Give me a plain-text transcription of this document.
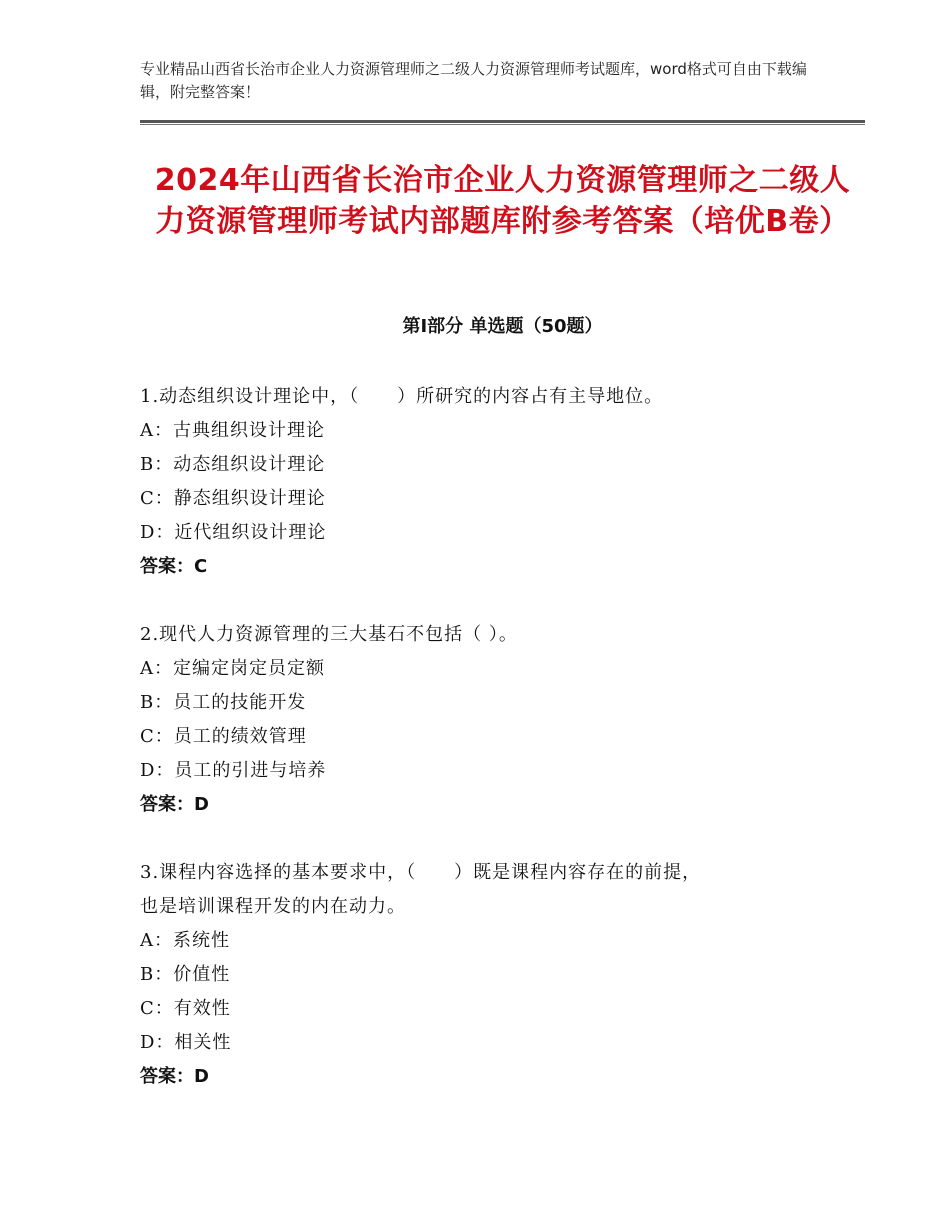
专业精品山西省长治市企业人力资源管理师之二级人力资源管理师考试题库，word格式可自由下载编辑，附完整答案！
2024年山西省长治市企业人力资源管理师之二级人力资源管理师考试内部题库附参考答案（培优B卷）
第Ⅰ部分 单选题（50题）
1.动态组织设计理论中，（　　）所研究的内容占有主导地位。
A：古典组织设计理论
B：动态组织设计理论
C：静态组织设计理论
D：近代组织设计理论
答案：C
2.现代人力资源管理的三大基石不包括（ ）。
A：定编定岗定员定额
B：员工的技能开发
C：员工的绩效管理
D：员工的引进与培养
答案：D
3.课程内容选择的基本要求中，（　　）既是课程内容存在的前提，
也是培训课程开发的内在动力。
A：系统性
B：价值性
C：有效性
D：相关性
答案：D
